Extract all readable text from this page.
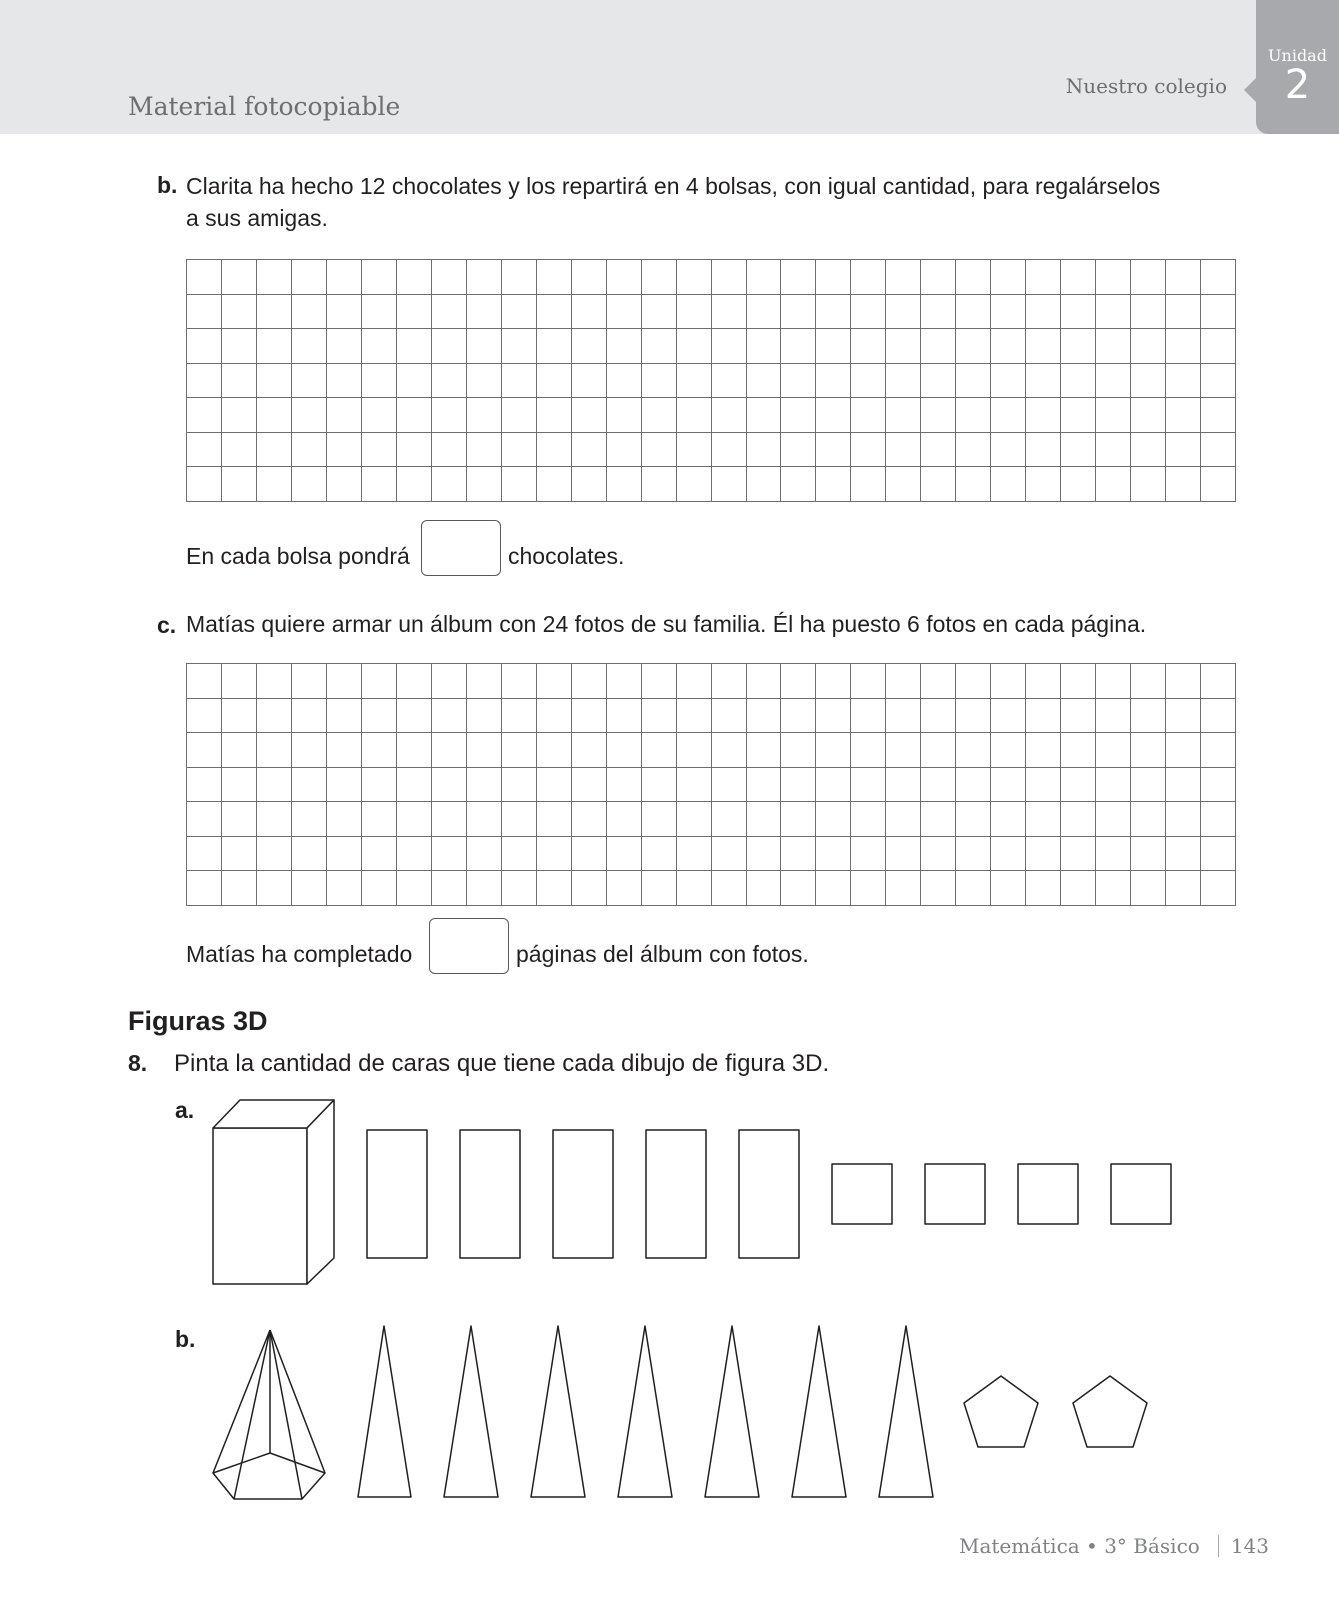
Material fotocopiable
Nuestro colegio
Unidad
2
b. Clarita ha hecho 12 chocolates y los repartirá en 4 bolsas, con igual cantidad, para regalárselos
a sus amigas.
En cada bolsa pondrá	chocolates.
c. Matías quiere armar un álbum con 24 fotos de su familia. Él ha puesto 6 fotos en cada página.
Matías ha completado	páginas del álbum con fotos.
Figuras 3D
8. Pinta la cantidad de caras que tiene cada dibujo de figura 3D.
a.
b.
Matemática • 3° Básico 143
